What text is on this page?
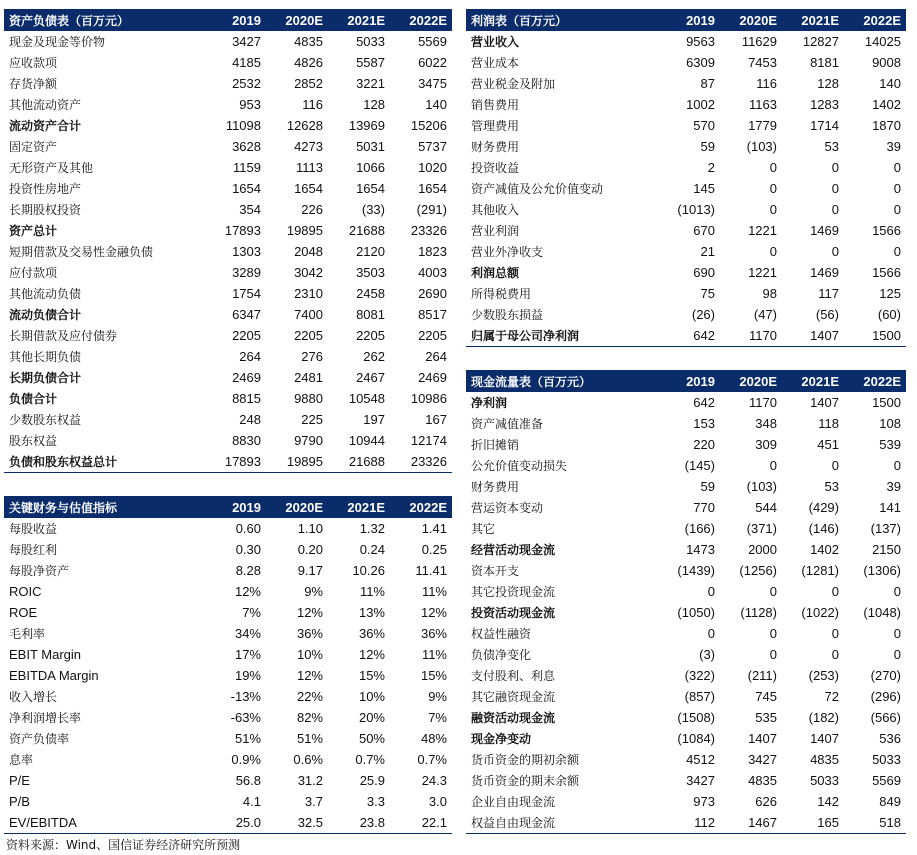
资产负债表（百万元）	2019	2020E	2021E	2022E
现金及现金等价物	3427	4835	5033	5569
应收款项	4185	4826	5587	6022
存货净额	2532	2852	3221	3475
其他流动资产	953	116	128	140
流动资产合计	11098	12628	13969	15206
固定资产	3628	4273	5031	5737
无形资产及其他	1159	1113	1066	1020
投资性房地产	1654	1654	1654	1654
长期股权投资	354	226	(33)	(291)
资产总计	17893	19895	21688	23326
短期借款及交易性金融负债	1303	2048	2120	1823
应付款项	3289	3042	3503	4003
其他流动负债	1754	2310	2458	2690
流动负债合计	6347	7400	8081	8517
长期借款及应付债券	2205	2205	2205	2205
其他长期负债	264	276	262	264
长期负债合计	2469	2481	2467	2469
负债合计	8815	9880	10548	10986
少数股东权益	248	225	197	167
股东权益	8830	9790	10944	12174
负债和股东权益总计	17893	19895	21688	23326
关键财务与估值指标	2019	2020E	2021E	2022E
每股收益	0.60	1.10	1.32	1.41
每股红利	0.30	0.20	0.24	0.25
每股净资产	8.28	9.17	10.26	11.41
ROIC	12%	9%	11%	11%
ROE	7%	12%	13%	12%
毛利率	34%	36%	36%	36%
EBIT Margin	17%	10%	12%	11%
EBITDA Margin	19%	12%	15%	15%
收入增长	-13%	22%	10%	9%
净利润增长率	-63%	82%	20%	7%
资产负债率	51%	51%	50%	48%
息率	0.9%	0.6%	0.7%	0.7%
P/E	56.8	31.2	25.9	24.3
P/B	4.1	3.7	3.3	3.0
EV/EBITDA	25.0	32.5	23.8	22.1
利润表（百万元）	2019	2020E	2021E	2022E
营业收入	9563	11629	12827	14025
营业成本	6309	7453	8181	9008
营业税金及附加	87	116	128	140
销售费用	1002	1163	1283	1402
管理费用	570	1779	1714	1870
财务费用	59	(103)	53	39
投资收益	2	0	0	0
资产减值及公允价值变动	145	0	0	0
其他收入	(1013)	0	0	0
营业利润	670	1221	1469	1566
营业外净收支	21	0	0	0
利润总额	690	1221	1469	1566
所得税费用	75	98	117	125
少数股东损益	(26)	(47)	(56)	(60)
归属于母公司净利润	642	1170	1407	1500
现金流量表（百万元）	2019	2020E	2021E	2022E
净利润	642	1170	1407	1500
资产减值准备	153	348	118	108
折旧摊销	220	309	451	539
公允价值变动损失	(145)	0	0	0
财务费用	59	(103)	53	39
营运资本变动	770	544	(429)	141
其它	(166)	(371)	(146)	(137)
经营活动现金流	1473	2000	1402	2150
资本开支	(1439)	(1256)	(1281)	(1306)
其它投资现金流	0	0	0	0
投资活动现金流	(1050)	(1128)	(1022)	(1048)
权益性融资	0	0	0	0
负债净变化	(3)	0	0	0
支付股利、利息	(322)	(211)	(253)	(270)
其它融资现金流	(857)	745	72	(296)
融资活动现金流	(1508)	535	(182)	(566)
现金净变动	(1084)	1407	1407	536
货币资金的期初余额	4512	3427	4835	5033
货币资金的期末余额	3427	4835	5033	5569
企业自由现金流	973	626	142	849
权益自由现金流	112	1467	165	518
资料来源：Wind、国信证券经济研究所预测
